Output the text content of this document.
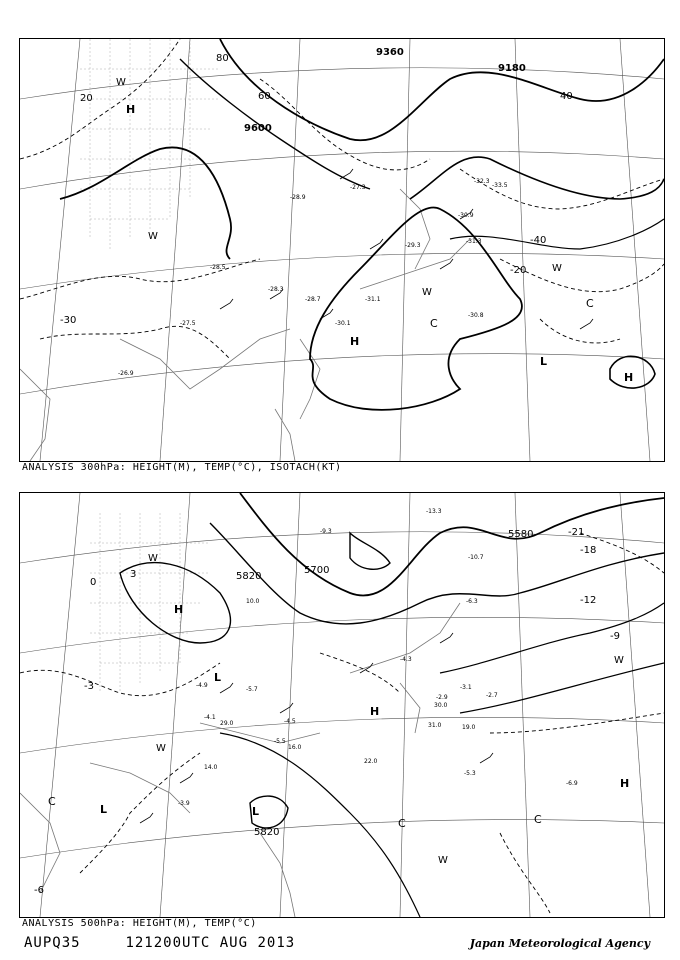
9360
9600
9180
20	40
60
80
-20
-40
-30
H
H
H
L
C
C
W
W
W
W
-29.3
-31.1
-30.1
-28.7
-27.3
-28.3
-30.8
-31.3
-28.9
-26.9
-27.5
-28.5
-30.9
-32.3
-33.5
ANALYSIS 300hPa: HEIGHT(M), TEMP(°C), ISOTACH(KT)
5820
5700
5580
5820
-3
-6
-9
-12
-18
-21
0
3
H
H
H
L
L	L
C
C	C
W
W
W
W
-4.9
-5.5
-4.3
-4.5
-3.9
-4.1
-5.7	-3.1
-2.9	-2.7
-6.3
-5.3
-6.9
-10.7
-9.3
-13.3
29.0
30.0
31.0
22.0
19.0
16.0
14.0
10.0
ANALYSIS 500hPa: HEIGHT(M), TEMP(°C)
AUPQ35	121200UTC AUG 2013	Japan Meteorological Agency
